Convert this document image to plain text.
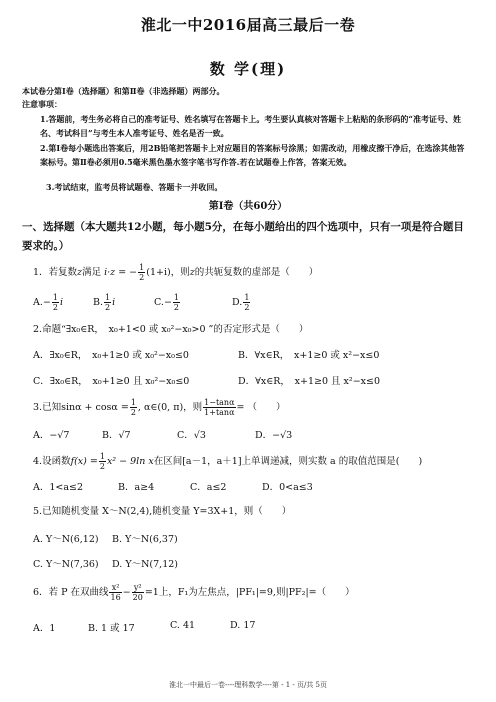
淮北一中2016届高三最后一卷
数 学(理)
本试卷分第Ⅰ卷（选择题）和第Ⅱ卷（非选择题）两部分。
注意事项：
1.答题前，考生务必将自己的准考证号、姓名填写在答题卡上。考生要认真核对答题卡上粘贴的条形码的“准考证号、姓名、考试科目”与考生本人准考证号、姓名是否一致。
2.第Ⅰ卷每小题选出答案后，用2B铅笔把答题卡上对应题目的答案标号涂黑；如需改动，用橡皮擦干净后，在选涂其他答案标号。第Ⅱ卷必须用0.5毫米黑色墨水签字笔书写作答.若在试题卷上作答，答案无效。
3.考试结束，监考员将试题卷、答题卡一并收回。
第Ⅰ卷（共60分）
一、选择题（本大题共12小题，每小题5分，在每小题给出的四个选项中，只有一项是符合题目要求的。）
1．若复数z满足 i·z = − $\frac{1}{2} (1+i)$，则z的共轭复数的虚部是（　　）
$A.- \frac{1}{2}$ i	B. $\frac{1}{2}$ i	$C.- \frac{1}{2}$	D. $\frac{1}{2}$
2.命题“∃x₀∈R，　x₀+1<0 或 x₀²−x₀>0 ”的否定形式是（　　）
A．∃x₀∈R，　x₀+1≥0 或 x₀²−x₀≤0	B．∀x∈R，　x+1≥0 或 x²−x≤0
C．∃x₀∈R，　x₀+1≥0 且 x₀²−x₀≤0	D．∀x∈R，　x+1≥0 且 x²−x≤0
3.已知$\sin\alpha + \cos\alpha = \frac{1}{2}$ , α∈(0, π)，则 $\frac{1-\tan\alpha}{1+\tan\alpha}$ = （　　）
A．−√7	B．√7	C．√3	D．−√3
4.设函数$f(x) = \frac{1}{2} x^2 - 9\ln$ x在区间[a－1，a＋1]上单调递减，则实数 a 的取值范围是(　　)
A．1<a≤2	B．a≥4	C．a≤2	D．0<a≤3
5.已知随机变量 X～N(2,4),随机变量 Y=3X+1，则（　　）
A. Y～N(6,12) B. Y～N(6,37)
C. Y～N(7,36) D. Y～N(7,12)
6．若 P 在双曲线 $\frac{\text{x²}}{16} - \frac{\text{y²}}{20} =1$上，F₁为左焦点，|PF₁|=9,则|PF₂|=（　　）
A．1	B. 1 或 17	C. 41	D. 17
淮北一中最后一卷----理科数学----第 - 1 - 页/共 5页
